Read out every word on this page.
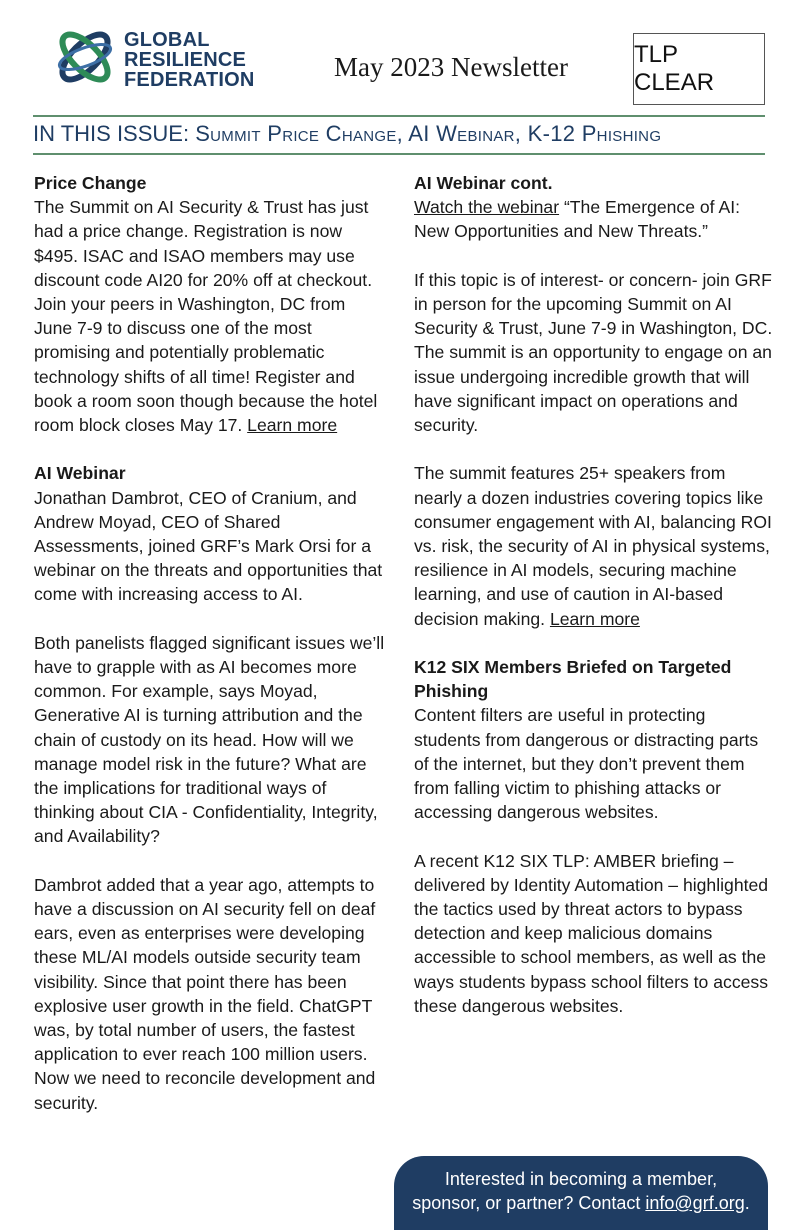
GLOBAL
RESILIENCE
FEDERATION	May 2023 Newsletter	TLP CLEAR
IN THIS ISSUE: Summit Price Change, AI Webinar, K-12 Phishing
Price Change

The Summit on AI Security & Trust has just had a price change. Registration is now $495. ISAC and ISAO members may use discount code AI20 for 20% off at checkout. Join your peers in Washington, DC from June 7-9 to discuss one of the most promising and potentially problematic technology shifts of all time! Register and book a room soon though because the hotel room block closes May 17. Learn more

AI Webinar

Jonathan Dambrot, CEO of Cranium, and Andrew Moyad, CEO of Shared Assessments, joined GRF’s Mark Orsi for a webinar on the threats and opportunities that come with increasing access to AI.

Both panelists flagged significant issues we’ll have to grapple with as AI becomes more common. For example, says Moyad, Generative AI is turning attribution and the chain of custody on its head. How will we manage model risk in the future? What are the implications for traditional ways of thinking about CIA - Confidentiality, Integrity, and Availability?

Dambrot added that a year ago, attempts to have a discussion on AI security fell on deaf ears, even as enterprises were developing these ML/AI models outside security team visibility. Since that point there has been explosive user growth in the field. ChatGPT was, by total number of users, the fastest application to ever reach 100 million users. Now we need to reconcile development and security.

AI Webinar cont.

Watch the webinar “The Emergence of AI: New Opportunities and New Threats.”

If this topic is of interest- or concern- join GRF in person for the upcoming Summit on AI Security & Trust, June 7-9 in Washington, DC. The summit is an opportunity to engage on an issue undergoing incredible growth that will have significant impact on operations and security.

The summit features 25+ speakers from nearly a dozen industries covering topics like consumer engagement with AI, balancing ROI vs. risk, the security of AI in physical systems, resilience in AI models, securing machine learning, and use of caution in AI-based decision making. Learn more

K12 SIX Members Briefed on Targeted Phishing

Content filters are useful in protecting students from dangerous or distracting parts of the internet, but they don’t prevent them from falling victim to phishing attacks or accessing dangerous websites.

A recent K12 SIX TLP: AMBER briefing – delivered by Identity Automation – highlighted the tactics used by threat actors to bypass detection and keep malicious domains accessible to school members, as well as the ways students bypass school filters to access these dangerous websites.

Interested in becoming a member,
sponsor, or partner? Contact info@grf.org.
